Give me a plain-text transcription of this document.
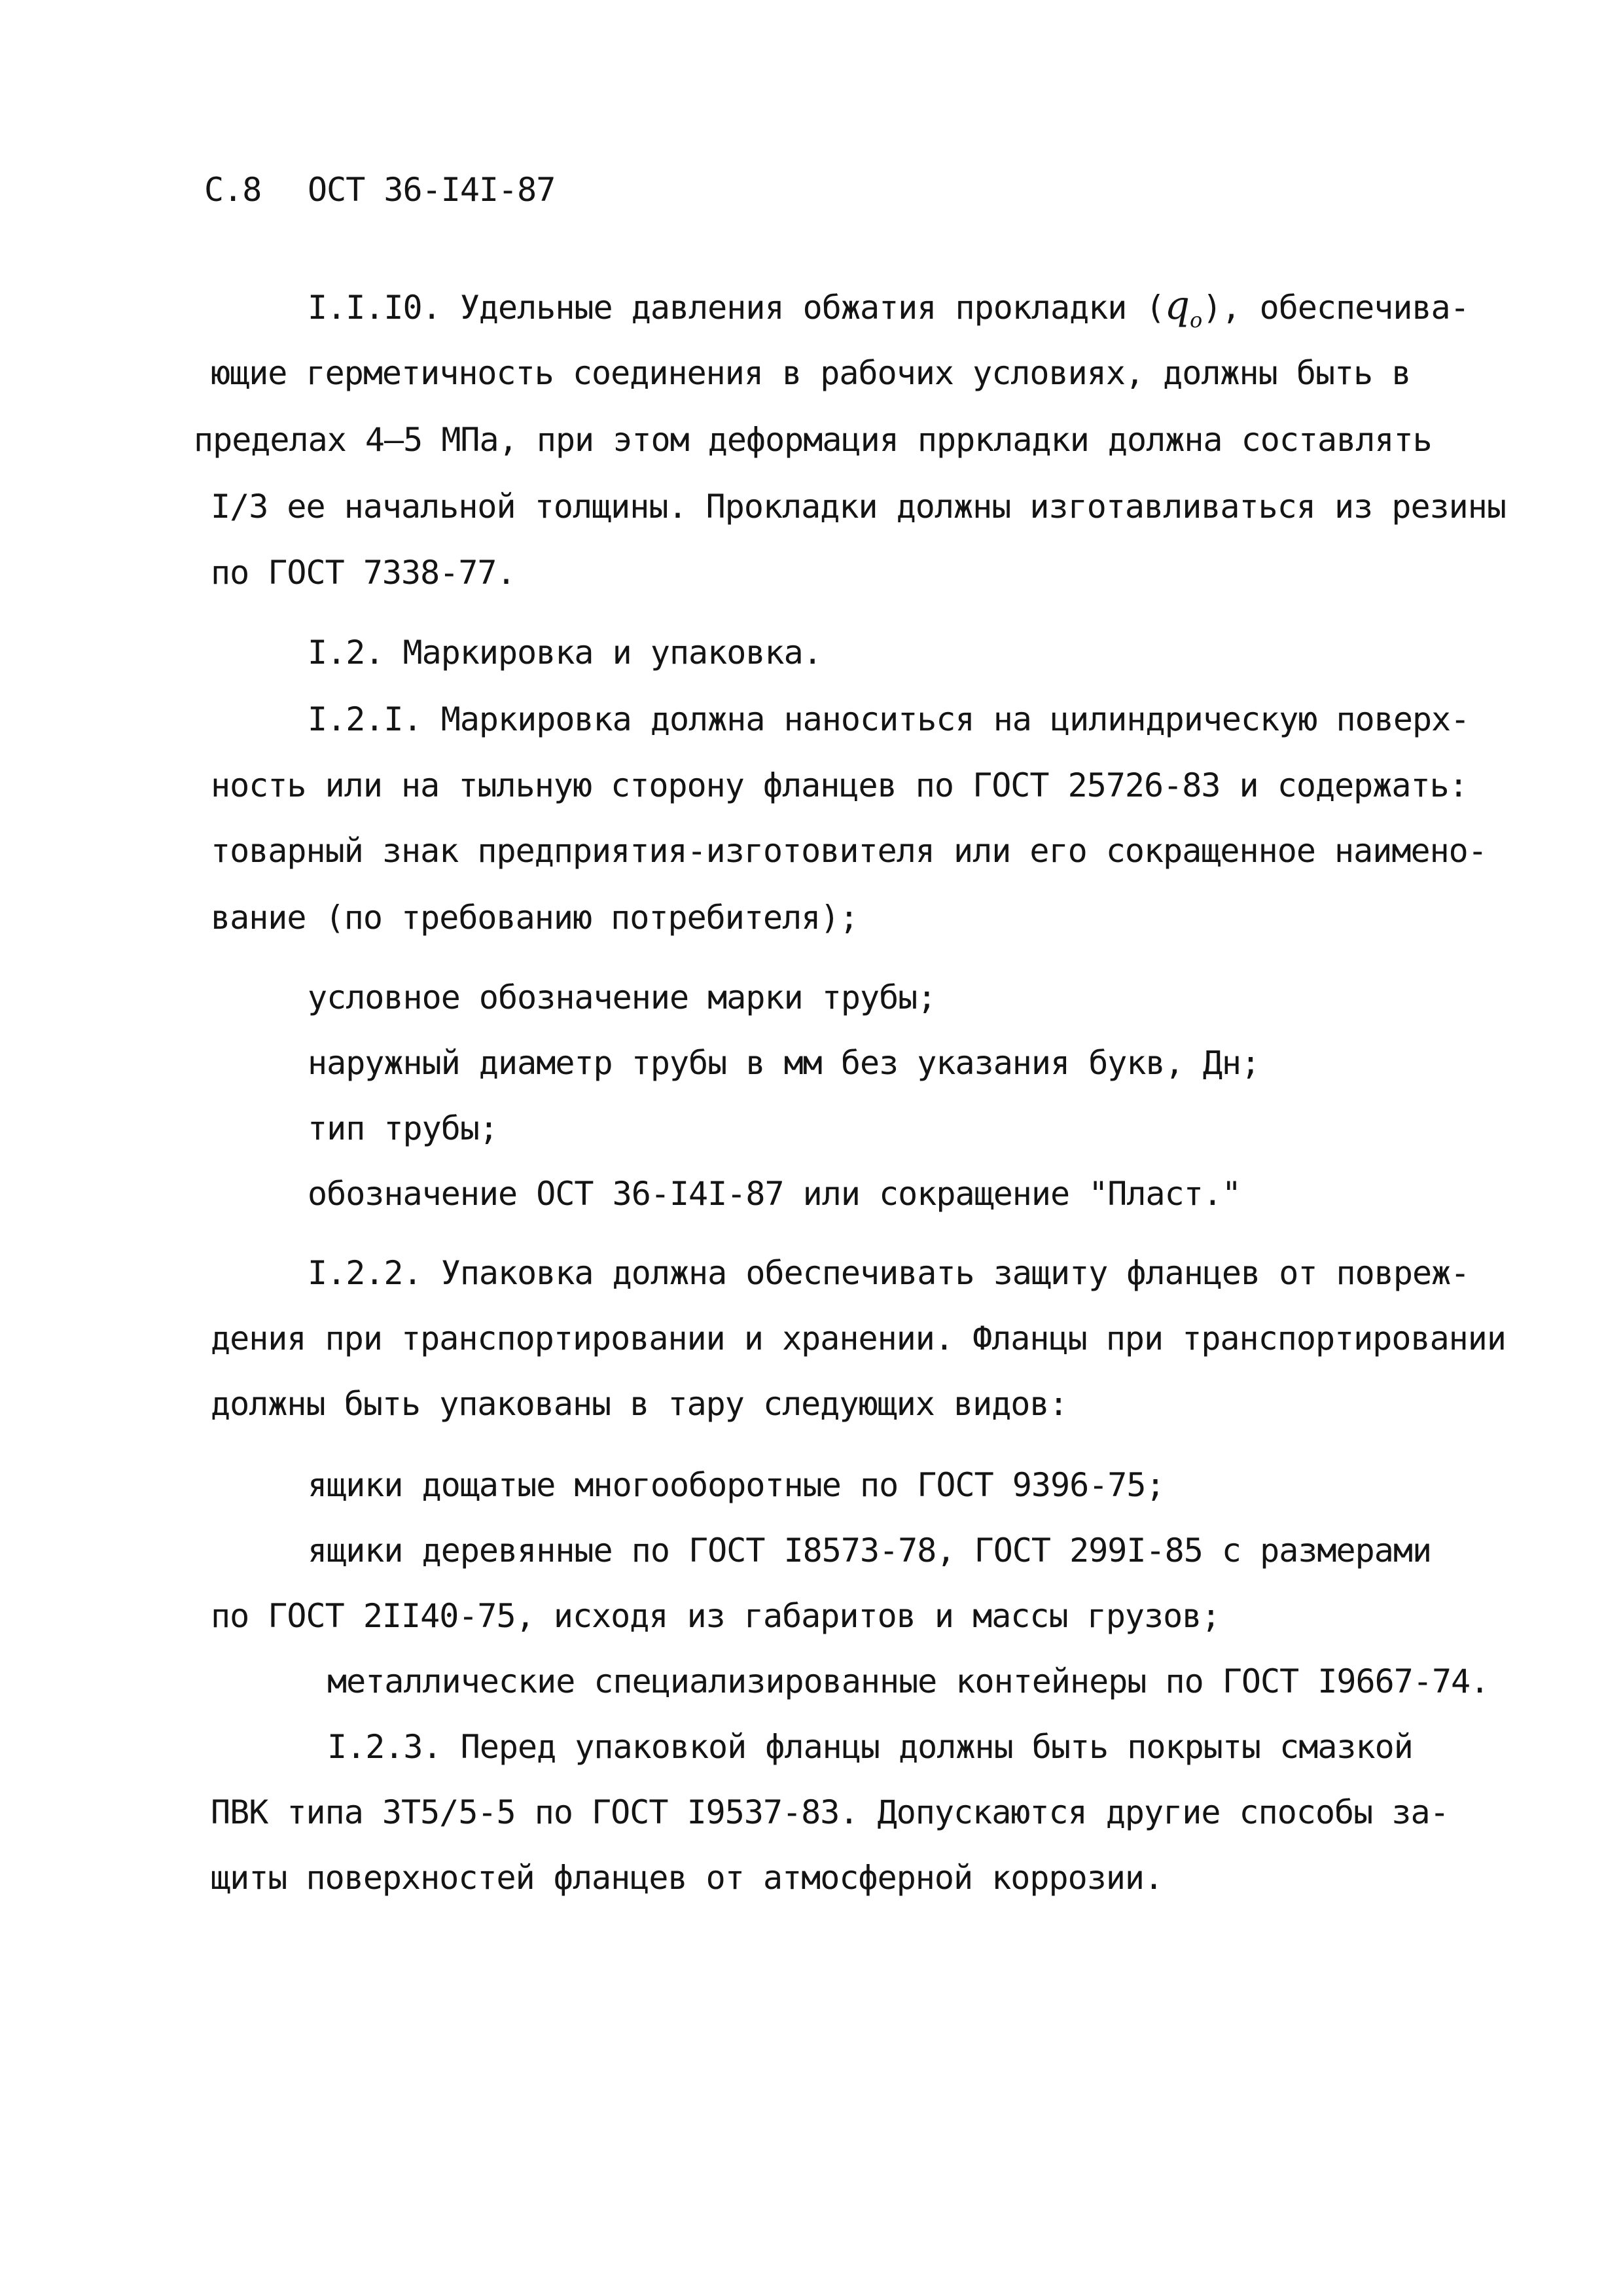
С.8 ОСТ 36-I4I-87
I.I.I0. Удельные давления обжатия прокладки $(q_o)$, обеспечива-
ющие герметичность соединения в рабочих условиях, должны быть в
пределах 4–5 МПа, при этом деформация прркладки должна составлять
I/3 ее начальной толщины. Прокладки должны изготавливаться из резины
по ГОСТ 7338-77.
I.2. Маркировка и упаковка.
I.2.I. Маркировка должна наноситься на цилиндрическую поверх-
ность или на тыльную сторону фланцев по ГОСТ 25726-83 и содержать:
товарный знак предприятия-изготовителя или его сокращенное наимено-
вание (по требованию потребителя);
условное обозначение марки трубы;
наружный диаметр трубы в мм без указания букв, Дн;
тип трубы;
обозначение ОСТ 36-I4I-87 или сокращение "Пласт."
I.2.2. Упаковка должна обеспечивать защиту фланцев от повреж-
дения при транспортировании и хранении. Фланцы при транспортировании
должны быть упакованы в тару следующих видов:
ящики дощатые многооборотные по ГОСТ 9396-75;
ящики деревянные по ГОСТ I8573-78, ГОСТ 299I-85 с размерами
по ГОСТ 2II40-75, исходя из габаритов и массы грузов;
металлические специализированные контейнеры по ГОСТ I9667-74.
I.2.3. Перед упаковкой фланцы должны быть покрыты смазкой
ПВК типа ЗТ5/5-5 по ГОСТ I9537-83. Допускаются другие способы за-
щиты поверхностей фланцев от атмосферной коррозии.
